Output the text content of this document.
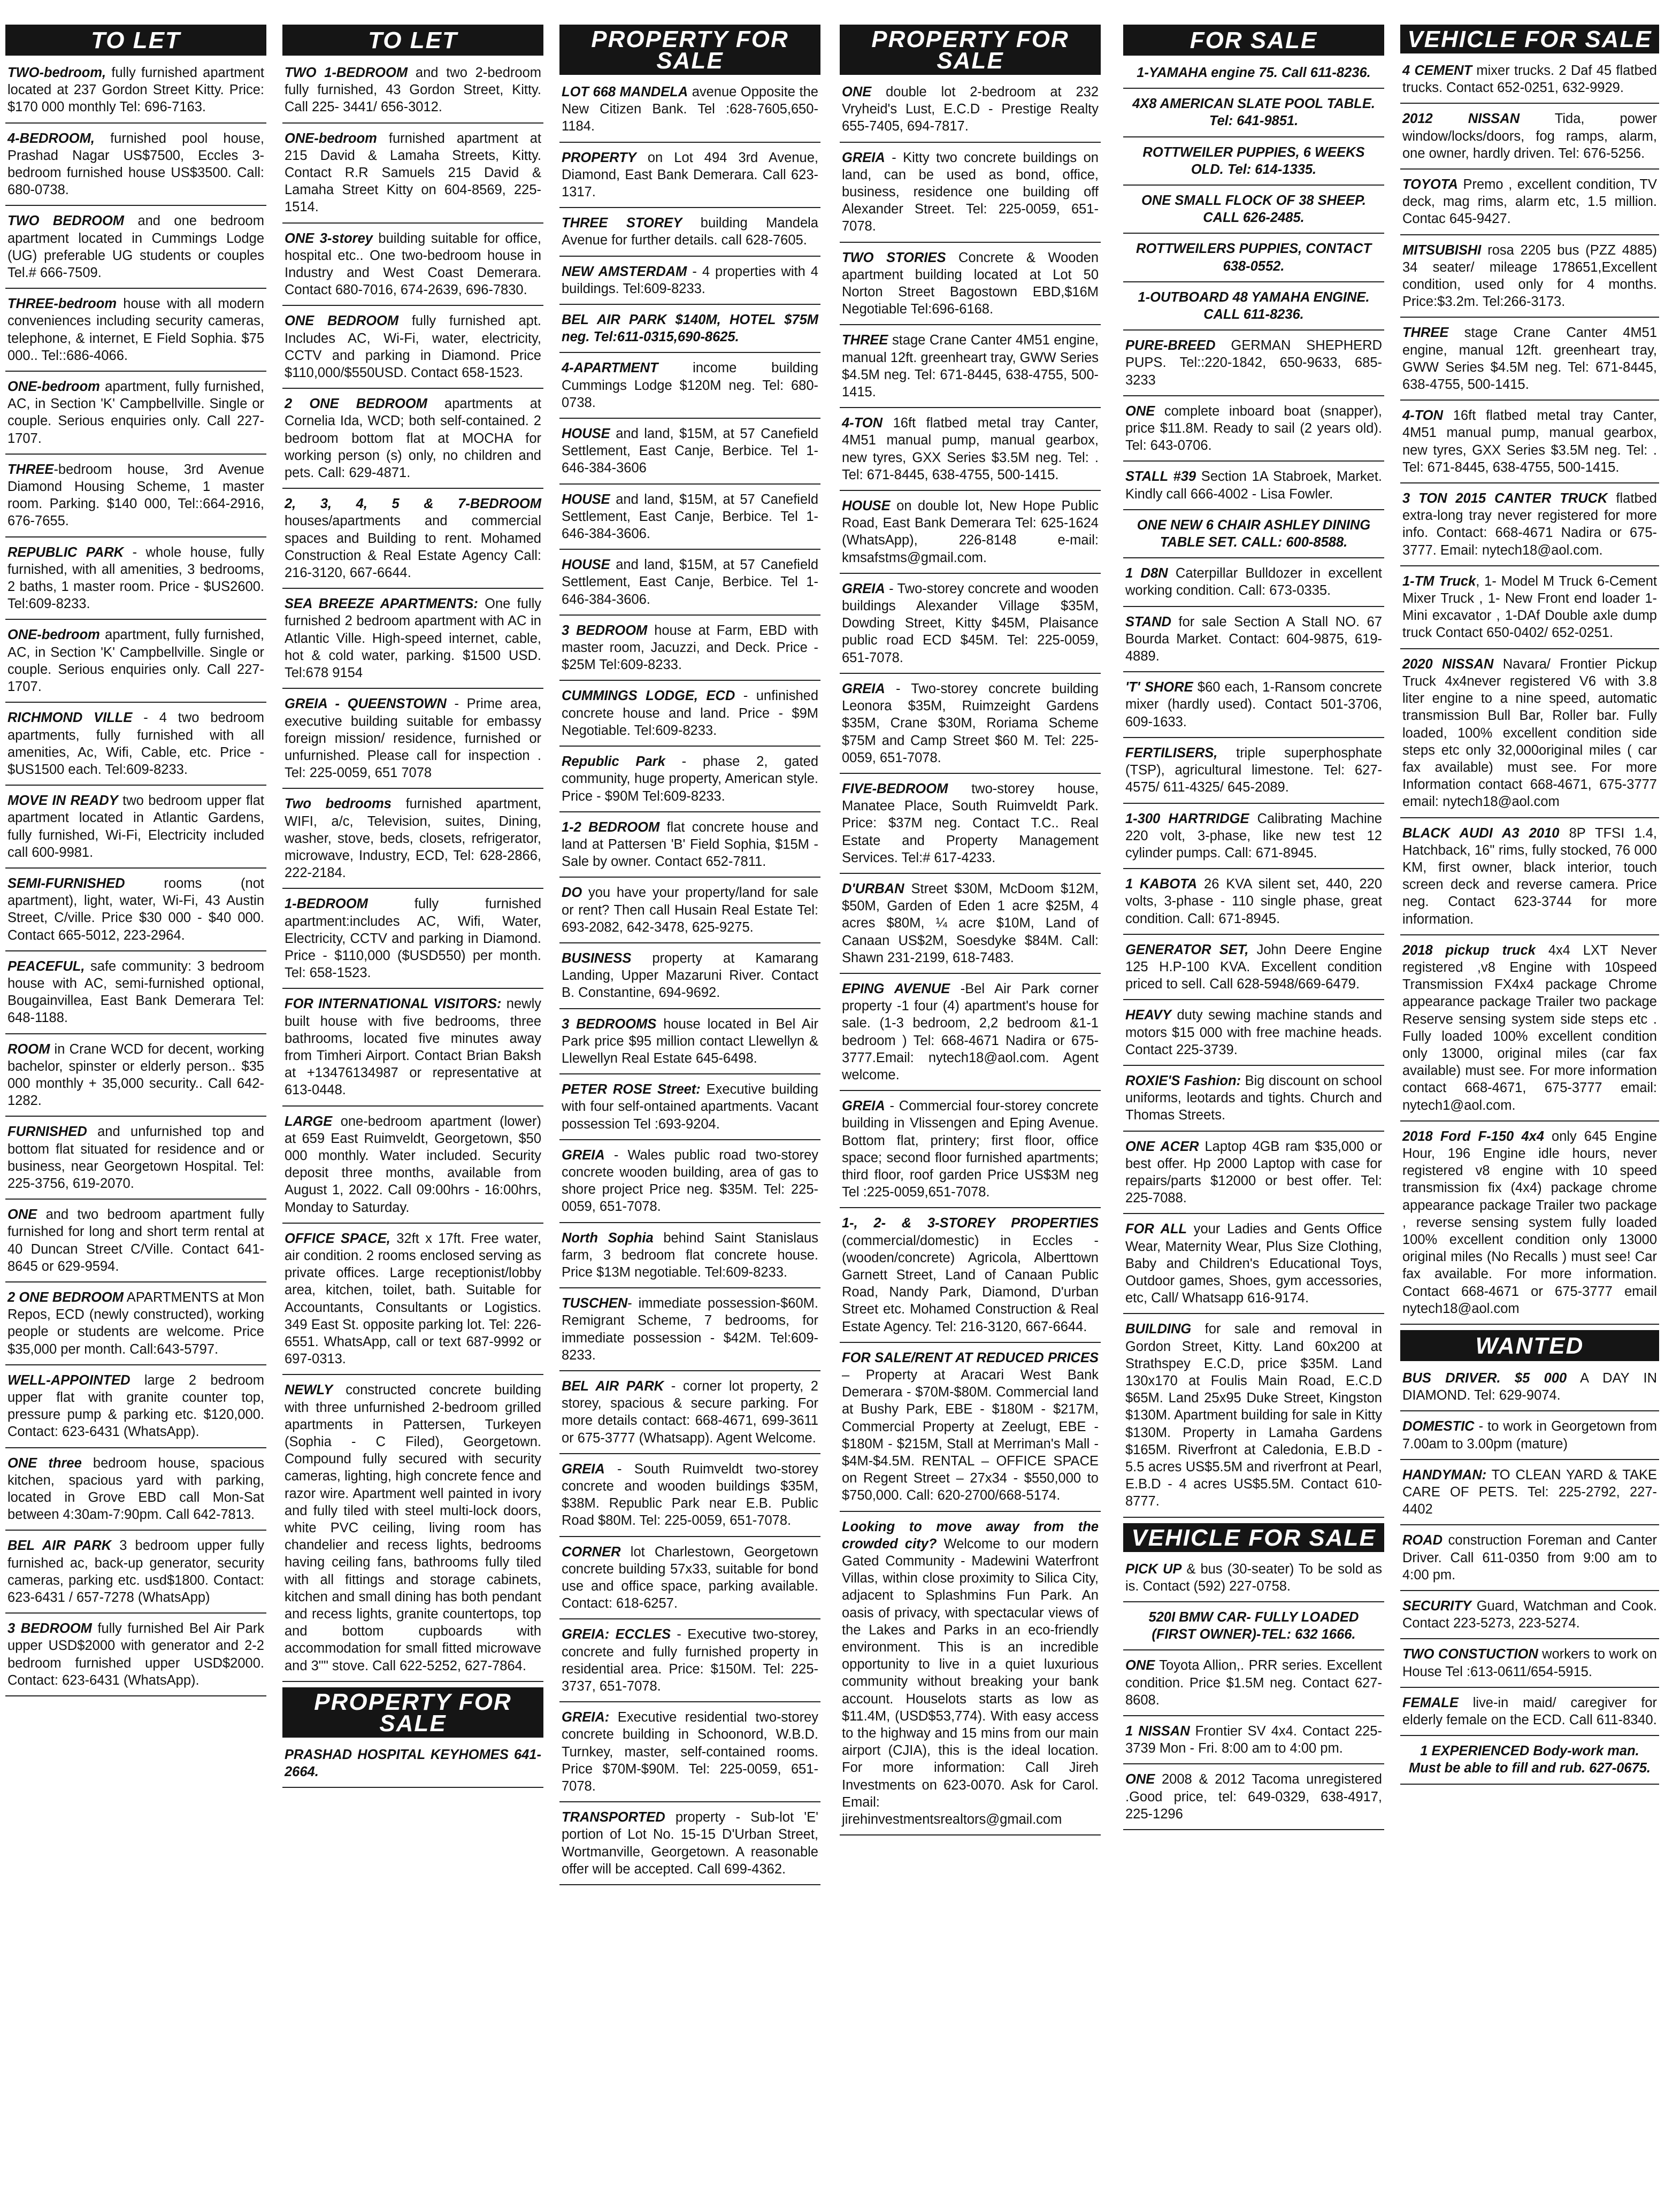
TO LET
TWO-bedroom, fully furnished apartment located at 237 Gordon Street Kitty. Price: $170 000 monthly Tel: 696-7163.
4-BEDROOM, furnished pool house, Prashad Nagar US$7500, Eccles 3-bedroom furnished house US$3500. Call: 680-0738.
TWO BEDROOM and one bedroom apartment located in Cummings Lodge (UG) preferable UG students or couples Tel.# 666-7509.
THREE-bedroom house with all modern conveniences including security cameras, telephone, & internet, E Field Sophia. $75 000.. Tel::686-4066.
ONE-bedroom apartment, fully furnished, AC, in Section 'K' Campbellville. Single or couple. Serious enquiries only. Call 227-1707.
THREE-bedroom house, 3rd Avenue Diamond Housing Scheme, 1 master room. Parking. $140 000, Tel::664-2916, 676-7655.
REPUBLIC PARK - whole house, fully furnished, with all amenities, 3 bedrooms, 2 baths, 1 master room. Price - $US2600. Tel:609-8233.
ONE-bedroom apartment, fully furnished, AC, in Section 'K' Campbellville. Single or couple. Serious enquiries only. Call 227-1707.
RICHMOND VILLE - 4 two bedroom apartments, fully furnished with all amenities, Ac, Wifi, Cable, etc. Price - $US1500 each. Tel:609-8233.
MOVE IN READY two bedroom upper flat apartment located in Atlantic Gardens, fully furnished, Wi-Fi, Electricity included call 600-9981.
SEMI-FURNISHED rooms (not apartment), light, water, Wi-Fi, 43 Austin Street, C/ville. Price $30 000 - $40 000. Contact 665-5012, 223-2964.
PEACEFUL, safe community: 3 bedroom house with AC, semi-furnished optional, Bougainvillea, East Bank Demerara Tel: 648-1188.
ROOM in Crane WCD for decent, working bachelor, spinster or elderly person.. $35 000 monthly + 35,000 security.. Call 642-1282.
FURNISHED and unfurnished top and bottom flat situated for residence and or business, near Georgetown Hospital. Tel: 225-3756, 619-2070.
ONE and two bedroom apartment fully furnished for long and short term rental at 40 Duncan Street C/Ville. Contact 641-8645 or 629-9594.
2 ONE BEDROOM APARTMENTS at Mon Repos, ECD (newly constructed), working people or students are welcome. Price $35,000 per month. Call:643-5797.
WELL-APPOINTED large 2 bedroom upper flat with granite counter top, pressure pump & parking etc. $120,000. Contact: 623-6431 (WhatsApp).
ONE three bedroom house, spacious kitchen, spacious yard with parking, located in Grove EBD call Mon-Sat between 4:30am-7:90pm. Call 642-7813.
BEL AIR PARK 3 bedroom upper fully furnished ac, back-up generator, security cameras, parking etc. usd$1800. Contact: 623-6431 / 657-7278 (WhatsApp)
3 BEDROOM fully furnished Bel Air Park upper USD$2000 with generator and 2-2 bedroom furnished upper USD$2000. Contact: 623-6431 (WhatsApp).
TO LET
TWO 1-BEDROOM and two 2-bedroom fully furnished, 43 Gordon Street, Kitty. Call 225- 3441/ 656-3012.
ONE-bedroom furnished apartment at 215 David & Lamaha Streets, Kitty. Contact R.R Samuels 215 David & Lamaha Street Kitty on 604-8569, 225-1514.
ONE 3-storey building suitable for office, hospital etc.. One two-bedroom house in Industry and West Coast Demerara. Contact 680-7016, 674-2639, 696-7830.
ONE BEDROOM fully furnished apt. Includes AC, Wi-Fi, water, electricity, CCTV and parking in Diamond. Price $110,000/$550USD. Contact 658-1523.
2 ONE BEDROOM apartments at Cornelia Ida, WCD; both self-contained. 2 bedroom bottom flat at MOCHA for working person (s) only, no children and pets. Call: 629-4871.
2, 3, 4, 5 & 7-BEDROOM houses/apartments and commercial spaces and Building to rent. Mohamed Construction & Real Estate Agency Call: 216-3120, 667-6644.
SEA BREEZE APARTMENTS: One fully furnished 2 bedroom apartment with AC in Atlantic Ville. High-speed internet, cable, hot & cold water, parking. $1500 USD. Tel:678 9154
GREIA - QUEENSTOWN - Prime area, executive building suitable for embassy foreign mission/ residence, furnished or unfurnished. Please call for inspection . Tel: 225-0059, 651 7078
Two bedrooms furnished apartment, WIFI, a/c, Television, suites, Dining, washer, stove, beds, closets, refrigerator, microwave, Industry, ECD, Tel: 628-2866, 222-2184.
1-BEDROOM fully furnished apartment:includes AC, Wifi, Water, Electricity, CCTV and parking in Diamond. Price - $110,000 ($USD550) per month. Tel: 658-1523.
FOR INTERNATIONAL VISITORS: newly built house with five bedrooms, three bathrooms, located five minutes away from Timheri Airport. Contact Brian Baksh at +13476134987 or representative at 613-0448.
LARGE one-bedroom apartment (lower) at 659 East Ruimveldt, Georgetown, $50 000 monthly. Water included. Security deposit three months, available from August 1, 2022. Call 09:00hrs - 16:00hrs, Monday to Saturday.
OFFICE SPACE, 32ft x 17ft. Free water, air condition. 2 rooms enclosed serving as private offices. Large receptionist/lobby area, kitchen, toilet, bath. Suitable for Accountants, Consultants or Logistics. 349 East St. opposite parking lot. Tel: 226-6551. WhatsApp, call or text 687-9992 or 697-0313.
NEWLY constructed concrete building with three unfurnished 2-bedroom grilled apartments in Pattersen, Turkeyen (Sophia - C Filed), Georgetown. Compound fully secured with security cameras, lighting, high concrete fence and razor wire. Apartment well painted in ivory and fully tiled with steel multi-lock doors, white PVC ceiling, living room has chandelier and recess lights, bedrooms having ceiling fans, bathrooms fully tiled with all fittings and storage cabinets, kitchen and small dining has both pendant and recess lights, granite countertops, top and bottom cupboards with accommodation for small fitted microwave and 3"" stove. Call 622-5252, 627-7864.
PROPERTY FOR SALE
PRASHAD HOSPITAL KEYHOMES 641-2664.
PROPERTY FOR SALE
LOT 668 MANDELA avenue Opposite the New Citizen Bank. Tel :628-7605,650-1184.
PROPERTY on Lot 494 3rd Avenue, Diamond, East Bank Demerara. Call 623-1317.
THREE STOREY building Mandela Avenue for further details. call 628-7605.
NEW AMSTERDAM - 4 properties with 4 buildings. Tel:609-8233.
BEL AIR PARK $140M, HOTEL $75M neg. Tel:611-0315,690-8625.
4-APARTMENT income building Cummings Lodge $120M neg. Tel: 680-0738.
HOUSE and land, $15M, at 57 Canefield Settlement, East Canje, Berbice. Tel 1-646-384-3606
HOUSE and land, $15M, at 57 Canefield Settlement, East Canje, Berbice. Tel 1-646-384-3606.
HOUSE and land, $15M, at 57 Canefield Settlement, East Canje, Berbice. Tel 1-646-384-3606.
3 BEDROOM house at Farm, EBD with master room, Jacuzzi, and Deck. Price - $25M Tel:609-8233.
CUMMINGS LODGE, ECD - unfinished concrete house and land. Price - $9M Negotiable. Tel:609-8233.
Republic Park - phase 2, gated community, huge property, American style. Price - $90M Tel:609-8233.
1-2 BEDROOM flat concrete house and land at Pattersen 'B' Field Sophia, $15M - Sale by owner. Contact 652-7811.
DO you have your property/land for sale or rent? Then call Husain Real Estate Tel: 693-2082, 642-3478, 625-9275.
BUSINESS property at Kamarang Landing, Upper Mazaruni River. Contact B. Constantine, 694-9692.
3 BEDROOMS house located in Bel Air Park price $95 million contact Llewellyn & Llewellyn Real Estate 645-6498.
PETER ROSE Street: Executive building with four self-ontained apartments. Vacant possession Tel :693-9204.
GREIA - Wales public road two-storey concrete wooden building, area of gas to shore project Price neg. $35M. Tel: 225-0059, 651-7078.
North Sophia behind Saint Stanislaus farm, 3 bedroom flat concrete house. Price $13M negotiable. Tel:609-8233.
TUSCHEN- immediate possession-$60M. Remigrant Scheme, 7 bedrooms, for immediate possession - $42M. Tel:609-8233.
BEL AIR PARK - corner lot property, 2 storey, spacious & secure parking. For more details contact: 668-4671, 699-3611 or 675-3777 (Whatsapp). Agent Welcome.
GREIA - South Ruimveldt two-storey concrete and wooden buildings $35M, $38M. Republic Park near E.B. Public Road $80M. Tel: 225-0059, 651-7078.
CORNER lot Charlestown, Georgetown concrete building 57x33, suitable for bond use and office space, parking available. Contact: 618-6257.
GREIA: ECCLES - Executive two-storey, concrete and fully furnished property in residential area. Price: $150M. Tel: 225-3737, 651-7078.
GREIA: Executive residential two-storey concrete building in Schoonord, W.B.D. Turnkey, master, self-contained rooms. Price $70M-$90M. Tel: 225-0059, 651-7078.
TRANSPORTED property - Sub-lot 'E' portion of Lot No. 15-15 D'Urban Street, Wortmanville, Georgetown. A reasonable offer will be accepted. Call 699-4362.
PROPERTY FOR SALE
ONE double lot 2-bedroom at 232 Vryheid's Lust, E.C.D - Prestige Realty 655-7405, 694-7817.
GREIA - Kitty two concrete buildings on land, can be used as bond, office, business, residence one building off Alexander Street. Tel: 225-0059, 651-7078.
TWO STORIES Concrete & Wooden apartment building located at Lot 50 Norton Street Bagostown EBD,$16M Negotiable Tel:696-6168.
THREE stage Crane Canter 4M51 engine, manual 12ft. greenheart tray, GWW Series $4.5M neg. Tel: 671-8445, 638-4755, 500-1415.
4-TON 16ft flatbed metal tray Canter, 4M51 manual pump, manual gearbox, new tyres, GXX Series $3.5M neg. Tel: . Tel: 671-8445, 638-4755, 500-1415.
HOUSE on double lot, New Hope Public Road, East Bank Demerara Tel: 625-1624 (WhatsApp), 226-8148 e-mail: kmsafstms@gmail.com.
GREIA - Two-storey concrete and wooden buildings Alexander Village $35M, Dowding Street, Kitty $45M, Plaisance public road ECD $45M. Tel: 225-0059, 651-7078.
GREIA - Two-storey concrete building Leonora $35M, Ruimzeight Gardens $35M, Crane $30M, Roriama Scheme $75M and Camp Street $60 M. Tel: 225-0059, 651-7078.
FIVE-BEDROOM two-storey house, Manatee Place, South Ruimveldt Park. Price: $37M neg. Contact T.C.. Real Estate and Property Management Services. Tel:# 617-4233.
D'URBAN Street $30M, McDoom $12M, $50M, Garden of Eden 1 acre $25M, 4 acres $80M, ¼ acre $10M, Land of Canaan US$2M, Soesdyke $84M. Call: Shawn 231-2199, 618-7483.
EPING AVENUE -Bel Air Park corner property -1 four (4) apartment's house for sale. (1-3 bedroom, 2,2 bedroom &1-1 bedroom ) Tel: 668-4671 Nadira or 675-3777.Email: nytech18@aol.com. Agent welcome.
GREIA - Commercial four-storey concrete building in Vlissengen and Eping Avenue. Bottom flat, printery; first floor, office space; second floor furnished apartments; third floor, roof garden Price US$3M neg Tel :225-0059,651-7078.
1-, 2- & 3-STOREY PROPERTIES (commercial/domestic) in Eccles - (wooden/concrete) Agricola, Alberttown Garnett Street, Land of Canaan Public Road, Nandy Park, Diamond, D'urban Street etc. Mohamed Construction & Real Estate Agency. Tel: 216-3120, 667-6644.
FOR SALE/RENT AT REDUCED PRICES – Property at Aracari West Bank Demerara - $70M-$80M. Commercial land at Bushy Park, EBE - $180M - $217M, Commercial Property at Zeelugt, EBE - $180M - $215M, Stall at Merriman's Mall - $4M-$4.5M. RENTAL – OFFICE SPACE on Regent Street – 27x34 - $550,000 to $750,000. Call: 620-2700/668-5174.
Looking to move away from the crowded city? Welcome to our modern Gated Community - Madewini Waterfront Villas, within close proximity to Silica City, adjacent to Splashmins Fun Park. An oasis of privacy, with spectacular views of the Lakes and Parks in an eco-friendly environment. This is an incredible opportunity to live in a quiet luxurious community without breaking your bank account. Houselots starts as low as $11.4M, (USD$53,774). With easy access to the highway and 15 mins from our main airport (CJIA), this is the ideal location. For more information: Call Jireh Investments on 623-0070. Ask for Carol. Email: jirehinvestmentsrealtors@gmail.com
FOR SALE
1-YAMAHA engine 75. Call 611-8236.
4X8 AMERICAN SLATE POOL TABLE. Tel: 641-9851.
ROTTWEILER PUPPIES, 6 WEEKS OLD. Tel: 614-1335.
ONE SMALL FLOCK OF 38 SHEEP. CALL 626-2485.
ROTTWEILERS PUPPIES, CONTACT 638-0552.
1-OUTBOARD 48 YAMAHA ENGINE. CALL 611-8236.
PURE-BREED GERMAN SHEPHERD PUPS. Tel::220-1842, 650-9633, 685-3233
ONE complete inboard boat (snapper), price $11.8M. Ready to sail (2 years old). Tel: 643-0706.
STALL #39 Section 1A Stabroek, Market. Kindly call 666-4002 - Lisa Fowler.
ONE NEW 6 CHAIR ASHLEY DINING TABLE SET. CALL: 600-8588.
1 D8N Caterpillar Bulldozer in excellent working condition. Call: 673-0335.
STAND for sale Section A Stall NO. 67 Bourda Market. Contact: 604-9875, 619-4889.
'T' SHORE $60 each, 1-Ransom concrete mixer (hardly used). Contact 501-3706, 609-1633.
FERTILISERS, triple superphosphate (TSP), agricultural limestone. Tel: 627-4575/ 611-4325/ 645-2089.
1-300 HARTRIDGE Calibrating Machine 220 volt, 3-phase, like new test 12 cylinder pumps. Call: 671-8945.
1 KABOTA 26 KVA silent set, 440, 220 volts, 3-phase - 110 single phase, great condition. Call: 671-8945.
GENERATOR SET, John Deere Engine 125 H.P-100 KVA. Excellent condition priced to sell. Call 628-5948/669-6479.
HEAVY duty sewing machine stands and motors $15 000 with free machine heads. Contact 225-3739.
ROXIE'S Fashion: Big discount on school uniforms, leotards and tights. Church and Thomas Streets.
ONE ACER Laptop 4GB ram $35,000 or best offer. Hp 2000 Laptop with case for repairs/parts $12000 or best offer. Tel: 225-7088.
FOR ALL your Ladies and Gents Office Wear, Maternity Wear, Plus Size Clothing, Baby and Children's Educational Toys, Outdoor games, Shoes, gym accessories, etc, Call/ Whatsapp 616-9174.
BUILDING for sale and removal in Gordon Street, Kitty. Land 60x200 at Strathspey E.C.D, price $35M. Land 130x170 at Foulis Main Road, E.C.D $65M. Land 25x95 Duke Street, Kingston $130M. Apartment building for sale in Kitty $130M. Property in Lamaha Gardens $165M. Riverfront at Caledonia, E.B.D - 5.5 acres US$5.5M and riverfront at Pearl, E.B.D - 4 acres US$5.5M. Contact 610-8777.
VEHICLE FOR SALE
PICK UP & bus (30-seater) To be sold as is. Contact (592) 227-0758.
520I BMW CAR- FULLY LOADED (FIRST OWNER)-TEL: 632 1666.
ONE Toyota Allion,. PRR series. Excellent condition. Price $1.5M neg. Contact 627-8608.
1 NISSAN Frontier SV 4x4. Contact 225-3739 Mon - Fri. 8:00 am to 4:00 pm.
ONE 2008 & 2012 Tacoma unregistered .Good price, tel: 649-0329, 638-4917, 225-1296
VEHICLE FOR SALE
4 CEMENT mixer trucks. 2 Daf 45 flatbed trucks. Contact 652-0251, 632-9929.
2012 NISSAN Tida, power window/locks/doors, fog ramps, alarm, one owner, hardly driven. Tel: 676-5256.
TOYOTA Premo , excellent condition, TV deck, mag rims, alarm etc, 1.5 million. Contac 645-9427.
MITSUBISHI rosa 2205 bus (PZZ 4885) 34 seater/ mileage 178651,Excellent condition, used only for 4 months. Price:$3.2m. Tel:266-3173.
THREE stage Crane Canter 4M51 engine, manual 12ft. greenheart tray, GWW Series $4.5M neg. Tel: 671-8445, 638-4755, 500-1415.
4-TON 16ft flatbed metal tray Canter, 4M51 manual pump, manual gearbox, new tyres, GXX Series $3.5M neg. Tel: . Tel: 671-8445, 638-4755, 500-1415.
3 TON 2015 CANTER TRUCK flatbed extra-long tray never registered for more info. Contact: 668-4671 Nadira or 675-3777. Email: nytech18@aol.com.
1-TM Truck, 1- Model M Truck 6-Cement Mixer Truck , 1- New Front end loader 1-Mini excavator , 1-DAf Double axle dump truck Contact 650-0402/ 652-0251.
2020 NISSAN Navara/ Frontier Pickup Truck 4x4never registered V6 with 3.8 liter engine to a nine speed, automatic transmission Bull Bar, Roller bar. Fully loaded, 100% excellent condition side steps etc only 32,000original miles ( car fax available) must see. For more Information contact 668-4671, 675-3777 email: nytech18@aol.com
BLACK AUDI A3 2010 8P TFSI 1.4, Hatchback, 16" rims, fully stocked, 76 000 KM, first owner, black interior, touch screen deck and reverse camera. Price neg. Contact 623-3744 for more information.
2018 pickup truck 4x4 LXT Never registered ,v8 Engine with 10speed Transmission FX4x4 package Chrome appearance package Trailer two package Reserve sensing system side steps etc . Fully loaded 100% excellent condition only 13000, original miles (car fax available) must see. For more information contact 668-4671, 675-3777 email: nytech1@aol.com.
2018 Ford F-150 4x4 only 645 Engine Hour, 196 Engine idle hours, never registered v8 engine with 10 speed transmission fix (4x4) package chrome appearance package Trailer two package , reverse sensing system fully loaded 100% excellent condition only 13000 original miles (No Recalls ) must see! Car fax available. For more information. Contact 668-4671 or 675-3777 email nytech18@aol.com
WANTED
BUS DRIVER. $5 000 A DAY IN DIAMOND. Tel: 629-9074.
DOMESTIC - to work in Georgetown from 7.00am to 3.00pm (mature)
HANDYMAN: TO CLEAN YARD & TAKE CARE OF PETS. Tel: 225-2792, 227-4402
ROAD construction Foreman and Canter Driver. Call 611-0350 from 9:00 am to 4:00 pm.
SECURITY Guard, Watchman and Cook. Contact 223-5273, 223-5274.
TWO CONSTUCTION workers to work on House Tel :613-0611/654-5915.
FEMALE live-in maid/ caregiver for elderly female on the ECD. Call 611-8340.
1 EXPERIENCED Body-work man. Must be able to fill and rub. 627-0675.
